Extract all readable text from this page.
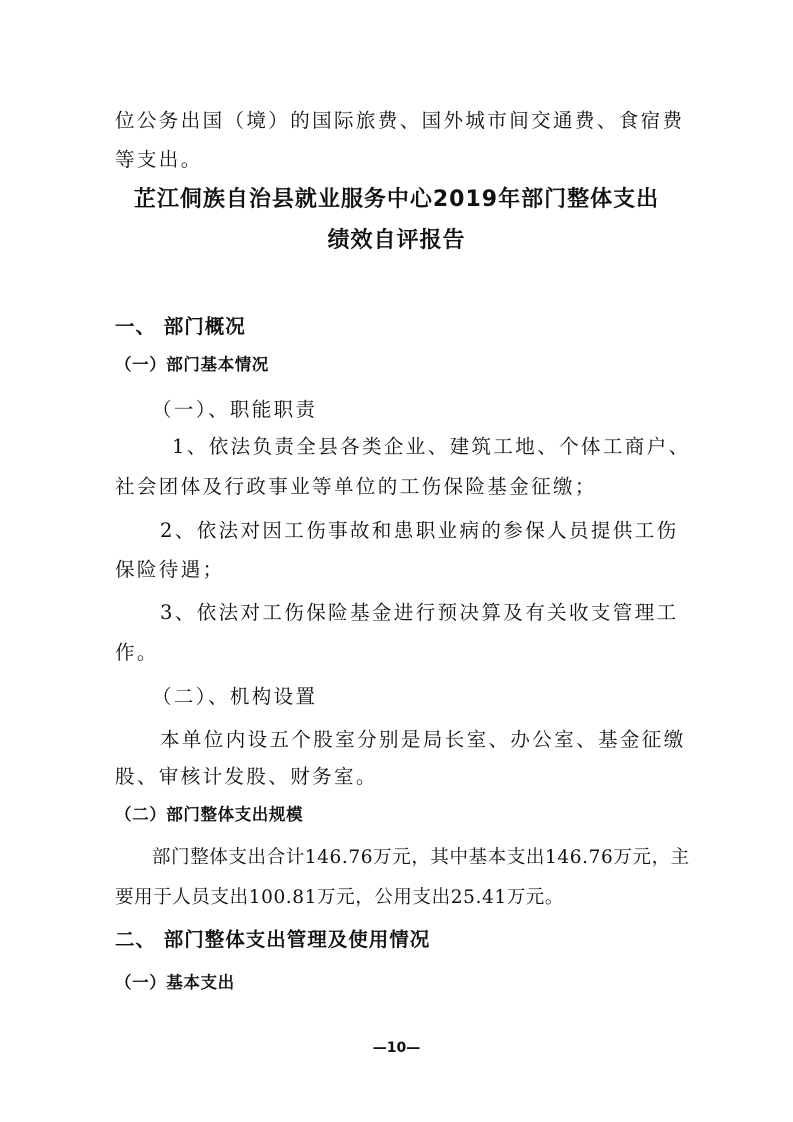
位公务出国（境）的国际旅费、国外城市间交通费、食宿费
等支出。
芷江侗族自治县就业服务中心2019年部门整体支出
绩效自评报告
一、 部门概况
（一）部门基本情况
（一）、职能职责
1、依法负责全县各类企业、建筑工地、个体工商户、
社会团体及行政事业等单位的工伤保险基金征缴；
2、依法对因工伤事故和患职业病的参保人员提供工伤
保险待遇；
3、依法对工伤保险基金进行预决算及有关收支管理工
作。
（二）、机构设置
本单位内设五个股室分别是局长室、办公室、基金征缴
股、审核计发股、财务室。
（二）部门整体支出规模
部门整体支出合计146.76万元，其中基本支出146.76万元，主
要用于人员支出100.81万元，公用支出25.41万元。
二、 部门整体支出管理及使用情况
（一）基本支出
—10—
